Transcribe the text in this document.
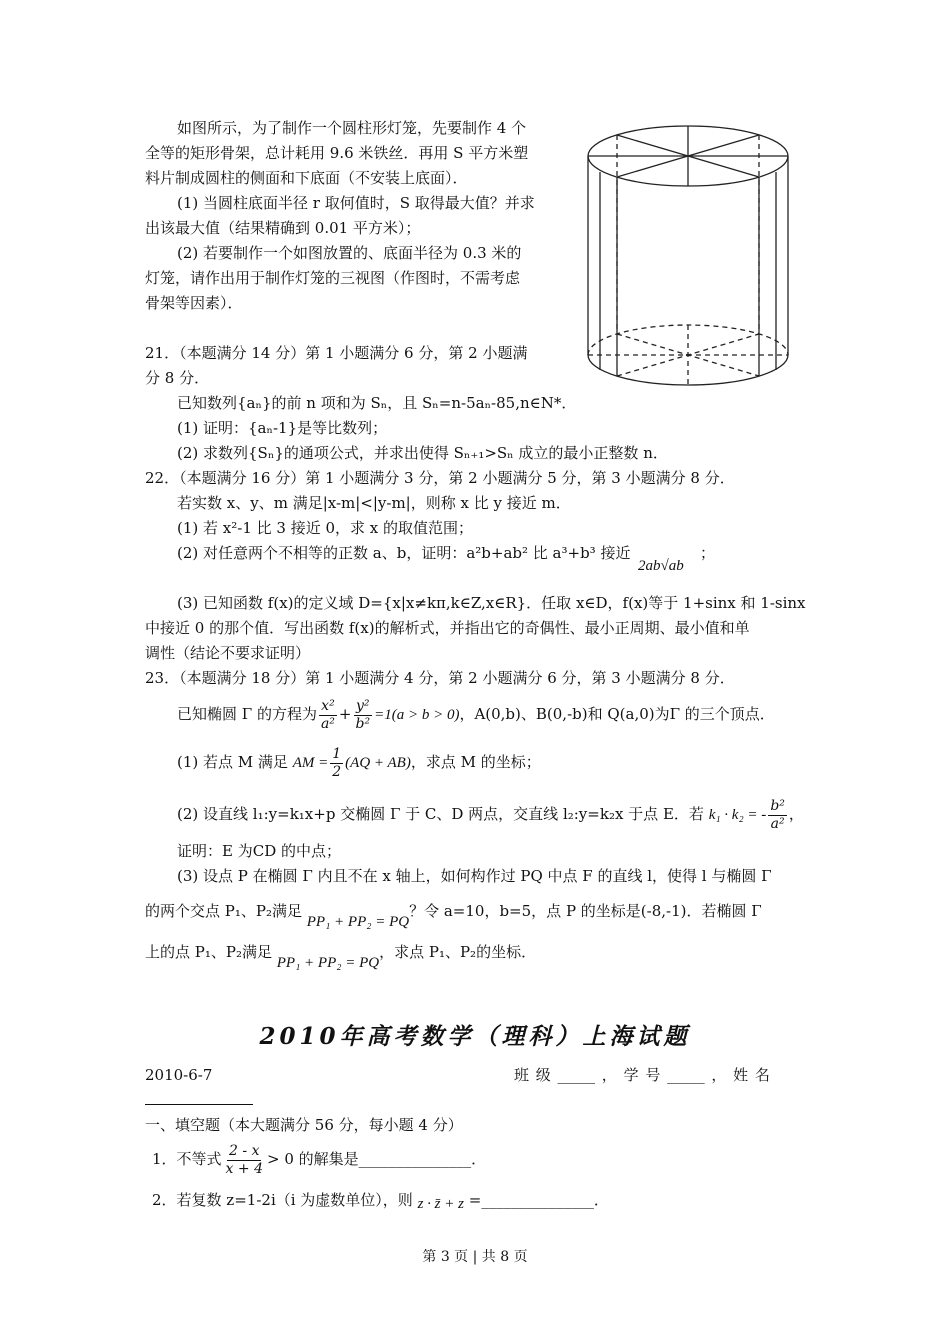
如图所示，为了制作一个圆柱形灯笼，先要制作 4 个
全等的矩形骨架，总计耗用 9.6 米铁丝．再用 S 平方米塑
料片制成圆柱的侧面和下底面（不安装上底面）．
(1) 当圆柱底面半径 r 取何值时，S 取得最大值？并求
出该最大值（结果精确到 0.01 平方米）；
(2) 若要制作一个如图放置的、底面半径为 0.3 米的
灯笼，请作出用于制作灯笼的三视图（作图时，不需考虑
骨架等因素）．
21．（本题满分 14 分）第 1 小题满分 6 分，第 2 小题满
分 8 分．
已知数列{aₙ}的前 n 项和为 Sₙ，且 Sₙ=n-5aₙ-85,n∈N*．
(1) 证明：{aₙ-1}是等比数列；
(2) 求数列{Sₙ}的通项公式，并求出使得 Sₙ₊₁>Sₙ 成立的最小正整数 n．
22．（本题满分 16 分）第 1 小题满分 3 分，第 2 小题满分 5 分，第 3 小题满分 8 分．
若实数 x、y、m 满足|x-m|<|y-m|，则称 x 比 y 接近 m．
(1) 若 x²-1 比 3 接近 0，求 x 的取值范围；
(2) 对任意两个不相等的正数 a、b，证明：a²b+ab² 比 a³+b³ 接近
2ab√ab
；
(3) 已知函数 f(x)的定义域 D={x|x≠kπ,k∈Z,x∈R}．任取 x∈D，f(x)等于 1+sinx 和 1-sinx
中接近 0 的那个值．写出函数 f(x)的解析式，并指出它的奇偶性、最小正周期、最小值和单
调性（结论不要求证明）
23．（本题满分 18 分）第 1 小题满分 4 分，第 2 小题满分 6 分，第 3 小题满分 8 分．
已知椭圆 Γ 的方程为 $\frac{\text{x²}}{\text{a²}} + \frac{\text{y²}}{\text{b²}} =1(a > b > 0)$，A(0,b)、B(0,-b)和 Q(a,0)为Γ 的三个顶点．
(1) 若点 M 满足 AM = $\frac{1}{2} (AQ + AB)$，求点 M 的坐标；
(2) 设直线 l₁:y=k₁x+p 交椭圆 Γ 于 C、D 两点，交直线 l₂:y=k₂x 于点 E．若 k₁ · k₂ = - $\frac{\text{b²}}{\text{a²}}$ ，
证明：E 为CD 的中点；
(3) 设点 P 在椭圆 Γ 内且不在 x 轴上，如何构作过 PQ 中点 F 的直线 l，使得 l 与椭圆 Γ
的两个交点 P₁、P₂满足 PP₁ + PP₂ = PQ？令 a=10，b=5，点 P 的坐标是(-8,-1)．若椭圆 Γ
上的点 P₁、P₂满足 PP₁ + PP₂ = PQ，求点 P₁、P₂的坐标．
2010年高考数学（理科）上海试题
2010-6-7	班 级 _____ ， 学 号 _____ ， 姓 名
一、填空题（本大题满分 56 分，每小题 4 分）
1．不等式 $\frac{2 - x}{x + 4} > 0$ 的解集是_______________．
2．若复数 z=1-2i（i 为虚数单位），则 z · z̄ + z =_______________．
第 3 页 | 共 8 页
